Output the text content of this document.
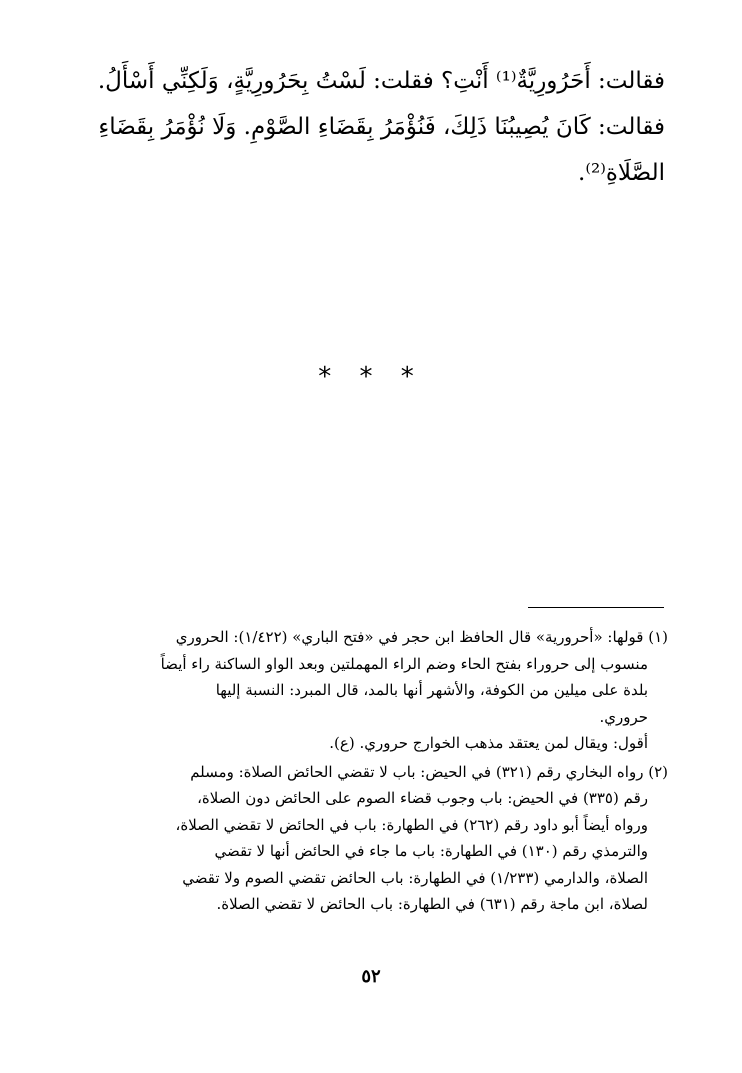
فقالت: أَحَرُورِيَّةٌ⁽¹⁾ أَنْتِ؟ فقلت: لَسْتُ بِحَرُورِيَّةٍ، وَلَكِنِّي أَسْأَلُ.
فقالت: كَانَ يُصِيبُنَا ذَلِكَ، فَنُؤْمَرُ بِقَضَاءِ الصَّوْمِ. وَلَا نُؤْمَرُ بِقَضَاءِ
الصَّلَاةِ⁽²⁾.
* * *
(١) قولها: «أحرورية» قال الحافظ ابن حجر في «فتح الباري» (١/٤٢٢): الحروري
منسوب إلى حروراء بفتح الحاء وضم الراء المهملتين وبعد الواو الساكنة راء أيضاً
بلدة على ميلين من الكوفة، والأشهر أنها بالمد، قال المبرد: النسبة إليها
حروري.
أقول: ويقال لمن يعتقد مذهب الخوارج حروري. (ع).
(٢) رواه البخاري رقم (٣٢١) في الحيض: باب لا تقضي الحائض الصلاة: ومسلم
رقم (٣٣٥) في الحيض: باب وجوب قضاء الصوم على الحائض دون الصلاة،
ورواه أيضاً أبو داود رقم (٢٦٢) في الطهارة: باب في الحائض لا تقضي الصلاة،
والترمذي رقم (١٣٠) في الطهارة: باب ما جاء في الحائض أنها لا تقضي
الصلاة، والدارمي (١/٢٣٣) في الطهارة: باب الحائض تقضي الصوم ولا تقضي
لصلاة، ابن ماجة رقم (٦٣١) في الطهارة: باب الحائض لا تقضي الصلاة.
٥٢
